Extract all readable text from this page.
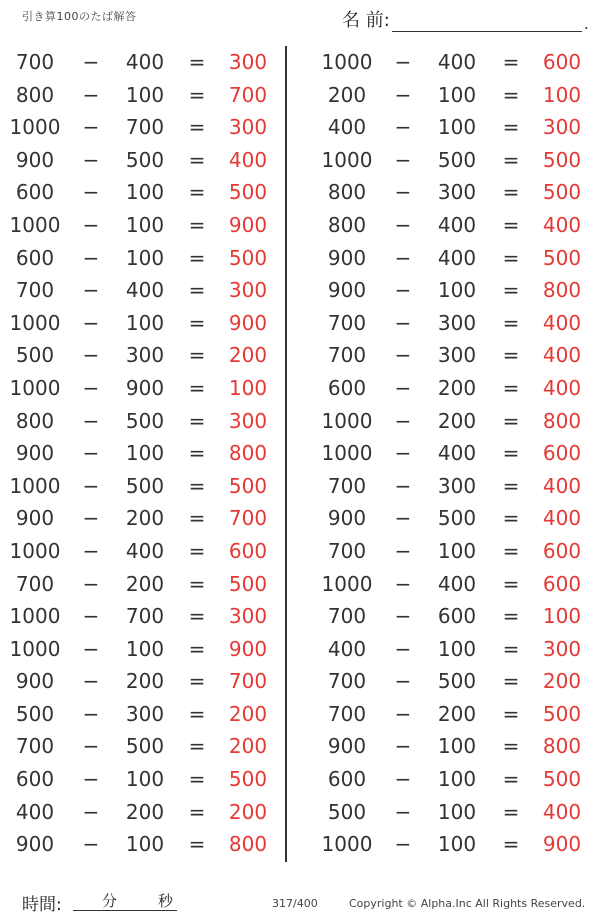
引き算100のたば解答	名 前:	.
700	−	400	=	300
800	−	100	=	700
1000 −	700	=	300
900	−	500	=	400
600	−	100	=	500
1000 −	100	=	900
600	−	100	=	500
700	−	400	=	300
1000 −	100	=	900
500	−	300	=	200
1000 −	900	=	100
800	−	500	=	300
900	−	100	=	800
1000 −	500	=	500
900	−	200	=	700
1000 −	400	=	600
700	−	200	=	500
1000 −	700	=	300
1000 −	100	=	900
900	−	200	=	700
500	−	300	=	200
700	−	500	=	200
600	−	100	=	500
400	−	200	=	200
900	−	100	=	800
1000 −	400	=	600
200	−	100	=	100
400	−	100	=	300
1000 −	500	=	500
800	−	300	=	500
800	−	400	=	400
900	−	400	=	500
900	−	100	=	800
700	−	300	=	400
700	−	300	=	400
600	−	200	=	400
1000 −	200	=	800
1000 −	400	=	600
700	−	300	=	400
900	−	500	=	400
700	−	100	=	600
1000 −	400	=	600
700	−	600	=	100
400	−	100	=	300
700	−	500	=	200
700	−	200	=	500
900	−	100	=	800
600	−	100	=	500
500	−	100	=	400
1000 −	100	=	900
時間:	分	秒	317/400	Copyright © Alpha.Inc All Rights Reserved.
